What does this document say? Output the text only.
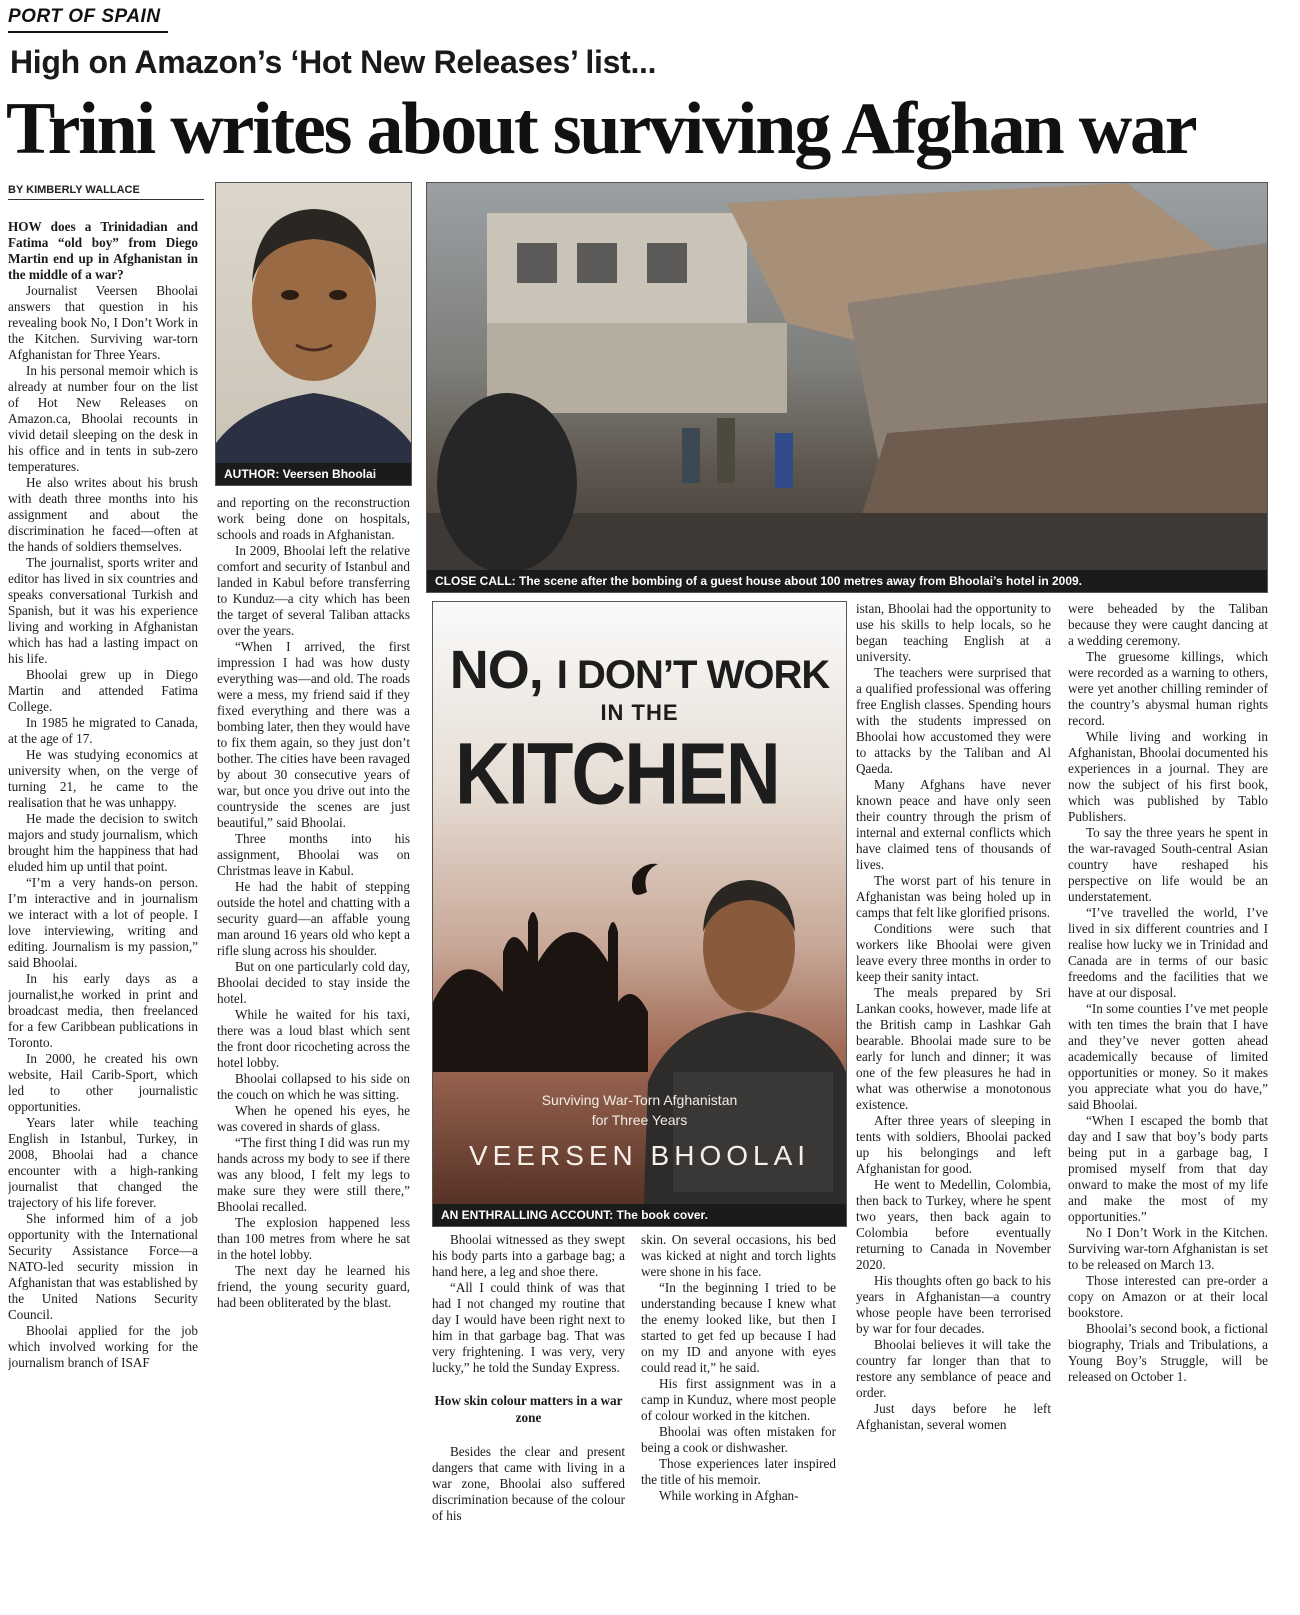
PORT OF SPAIN
High on Amazon’s ‘Hot New Releases’ list...
Trini writes about surviving Afghan war
BY KIMBERLY WALLACE
AUTHOR: Veersen Bhoolai
CLOSE CALL: The scene after the bombing of a guest house about 100 metres away from Bhoolai’s hotel in 2009.
NO, I DON’T WORK
IN THE
KITCHEN
Surviving War-Torn Afghanistan
for Three Years
VEERSEN BHOOLAI
AN ENTHRALLING ACCOUNT: The book cover.

HOW does a Trinidadian and Fatima “old boy” from Diego Martin end up in Afghanistan in the middle of a war?

Journalist Veersen Bhoolai answers that question in his revealing book No, I Don’t Work in the Kitchen. Surviving war-torn Afghanistan for Three Years.

In his personal memoir which is already at number four on the list of Hot New Releases on Amazon.ca, Bhoolai recounts in vivid detail sleeping on the desk in his office and in tents in sub-zero temperatures.

He also writes about his brush with death three months into his assignment and about the discrimination he faced—often at the hands of soldiers themselves.

The journalist, sports writer and editor has lived in six countries and speaks conversational Turkish and Spanish, but it was his experience living and working in Afghanistan which has had a lasting impact on his life.

Bhoolai grew up in Diego Martin and attended Fatima College.

In 1985 he migrated to Canada, at the age of 17.

He was studying economics at university when, on the verge of turning 21, he came to the realisation that he was unhappy.

He made the decision to switch majors and study journalism, which brought him the happiness that had eluded him up until that point.

“I’m a very hands-on person. I’m interactive and in journalism we interact with a lot of people. I love interviewing, writing and editing. Journalism is my passion,” said Bhoolai.

In his early days as a journalist,he worked in print and broadcast media, then freelanced for a few Caribbean publications in Toronto.

In 2000, he created his own website, Hail Carib-Sport, which led to other journalistic opportunities.

Years later while teaching English in Istanbul, Turkey, in 2008, Bhoolai had a chance encounter with a high-ranking journalist that changed the trajectory of his life forever.

She informed him of a job opportunity with the International Security Assistance Force—a NATO-led security mission in Afghanistan that was established by the United Nations Security Council.

Bhoolai applied for the job which involved working for the journalism branch of ISAF

and reporting on the reconstruction work being done on hospitals, schools and roads in Afghanistan.

In 2009, Bhoolai left the relative comfort and security of Istanbul and landed in Kabul before transferring to Kunduz—a city which has been the target of several Taliban attacks over the years.

“When I arrived, the first impression I had was how dusty everything was—and old. The roads were a mess, my friend said if they fixed everything and there was a bombing later, then they would have to fix them again, so they just don’t bother. The cities have been ravaged by about 30 consecutive years of war, but once you drive out into the countryside the scenes are just beautiful,” said Bhoolai.

Three months into his assignment, Bhoolai was on Christmas leave in Kabul.

He had the habit of stepping outside the hotel and chatting with a security guard—an affable young man around 16 years old who kept a rifle slung across his shoulder.

But on one particularly cold day, Bhoolai decided to stay inside the hotel.

While he waited for his taxi, there was a loud blast which sent the front door ricocheting across the hotel lobby.

Bhoolai collapsed to his side on the couch on which he was sitting.

When he opened his eyes, he was covered in shards of glass.

“The first thing I did was run my hands across my body to see if there was any blood, I felt my legs to make sure they were still there,” Bhoolai recalled.

The explosion happened less than 100 metres from where he sat in the hotel lobby.

The next day he learned his friend, the young security guard, had been obliterated by the blast.

Bhoolai witnessed as they swept his body parts into a garbage bag; a hand here, a leg and shoe there.

“All I could think of was that had I not changed my routine that day I would have been right next to him in that garbage bag. That was very frightening. I was very, very lucky,” he told the Sunday Express.

How skin colour matters in a war zone

Besides the clear and present dangers that came with living in a war zone, Bhoolai also suffered discrimination because of the colour of his

skin. On several occasions, his bed was kicked at night and torch lights were shone in his face.

“In the beginning I tried to be understanding because I knew what the enemy looked like, but then I started to get fed up because I had on my ID and anyone with eyes could read it,” he said.

His first assignment was in a camp in Kunduz, where most people of colour worked in the kitchen.

Bhoolai was often mistaken for being a cook or dishwasher.

Those experiences later inspired the title of his memoir.

While working in Afghan-

istan, Bhoolai had the opportunity to use his skills to help locals, so he began teaching English at a university.

The teachers were surprised that a qualified professional was offering free English classes. Spending hours with the students impressed on Bhoolai how accustomed they were to attacks by the Taliban and Al Qaeda.

Many Afghans have never known peace and have only seen their country through the prism of internal and external conflicts which have claimed tens of thousands of lives.

The worst part of his tenure in Afghanistan was being holed up in camps that felt like glorified prisons.

Conditions were such that workers like Bhoolai were given leave every three months in order to keep their sanity intact.

The meals prepared by Sri Lankan cooks, however, made life at the British camp in Lashkar Gah bearable. Bhoolai made sure to be early for lunch and dinner; it was one of the few pleasures he had in what was otherwise a monotonous existence.

After three years of sleeping in tents with soldiers, Bhoolai packed up his belongings and left Afghanistan for good.

He went to Medellin, Colombia, then back to Turkey, where he spent two years, then back again to Colombia before eventually returning to Canada in November 2020.

His thoughts often go back to his years in Afghanistan—a country whose people have been terrorised by war for four decades.

Bhoolai believes it will take the country far longer than that to restore any semblance of peace and order.

Just days before he left Afghanistan, several women

were beheaded by the Taliban because they were caught dancing at a wedding ceremony.

The gruesome killings, which were recorded as a warning to others, were yet another chilling reminder of the country’s abysmal human rights record.

While living and working in Afghanistan, Bhoolai documented his experiences in a journal. They are now the subject of his first book, which was published by Tablo Publishers.

To say the three years he spent in the war-ravaged South-central Asian country have reshaped his perspective on life would be an understatement.

“I’ve travelled the world, I’ve lived in six different countries and I realise how lucky we in Trinidad and Canada are in terms of our basic freedoms and the facilities that we have at our disposal.

“In some counties I’ve met people with ten times the brain that I have and they’ve never gotten ahead academically because of limited opportunities or money. So it makes you appreciate what you do have,” said Bhoolai.

“When I escaped the bomb that day and I saw that boy’s body parts being put in a garbage bag, I promised myself from that day onward to make the most of my life and make the most of my opportunities.”

No I Don’t Work in the Kitchen. Surviving war-torn Afghanistan is set to be released on March 13.

Those interested can pre-order a copy on Amazon or at their local bookstore.

Bhoolai’s second book, a fictional biography, Trials and Tribulations, a Young Boy’s Struggle, will be released on October 1.
